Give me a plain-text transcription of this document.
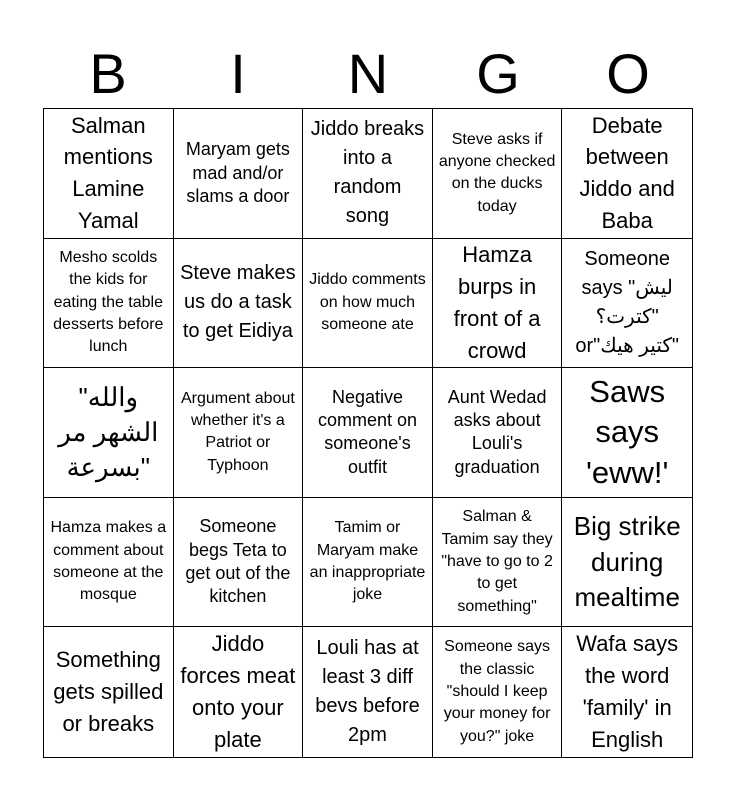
B	I	N	G	O
Salman mentions Lamine Yamal
Maryam gets mad and/or slams a door
Jiddo breaks into a random song
Steve asks if anyone checked on the ducks today
Debate between Jiddo and Baba
Mesho scolds the kids for eating the table desserts before lunch
Steve makes us do a task to get Eidiya
Jiddo comments on how much someone ate
Hamza burps in front of a crowd
Someone says "ليش كترت؟" or"كتير هيك"
"والله الشهر مر بسرعة"
Argument about whether it's a Patriot or Typhoon
Negative comment on someone's outfit
Aunt Wedad asks about Louli's graduation
Saws says 'eww!'
Hamza makes a comment about someone at the mosque
Someone begs Teta to get out of the kitchen
Tamim or Maryam make an inappropriate joke
Salman & Tamim say they "have to go to 2 to get something"
Big strike during mealtime
Something gets spilled or breaks
Jiddo forces meat onto your plate
Louli has at least 3 diff bevs before 2pm
Someone says the classic "should I keep your money for you?" joke
Wafa says the word 'family' in English
